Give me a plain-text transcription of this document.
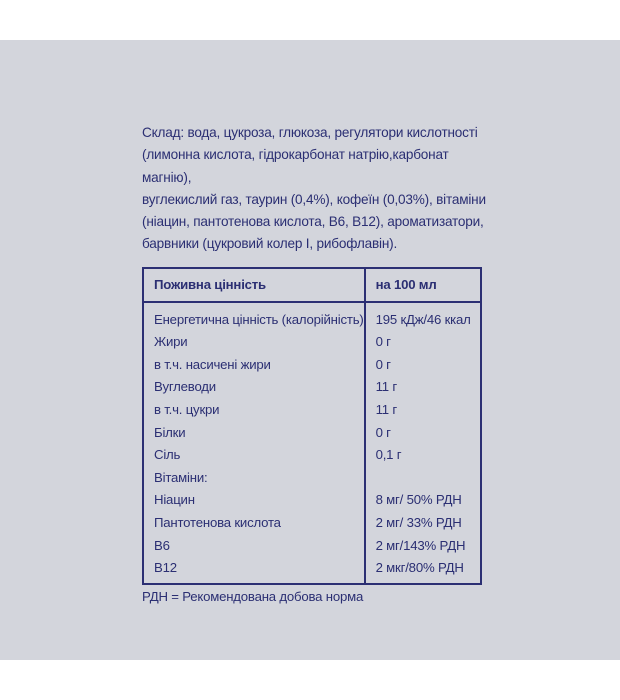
Склад: вода, цукроза, глюкоза, регулятори кислотності
(лимонна кислота, гідрокарбонат натрію,карбонат магнію),
вуглекислий газ, таурин (0,4%), кофеїн (0,03%), вітаміни
(ніацин, пантотенова кислота, В6, В12), ароматизатори,
барвники (цукровий колер І, рибофлавін).

Поживна цінність	на 100 мл
Енергетична цінність (калорійність)	195 кДж/46 ккал
Жири	0 г
в т.ч. насичені жири	0 г
Вуглеводи	11 г
в т.ч. цукри	11 г
Білки	0 г
Сіль	0,1 г
Вітаміни:	
Ніацин	8 мг/ 50% РДН
Пантотенова кислота	2 мг/ 33% РДН
В6	2 мг/143% РДН
В12	2 мкг/80% РДН
РДН = Рекомендована добова норма
